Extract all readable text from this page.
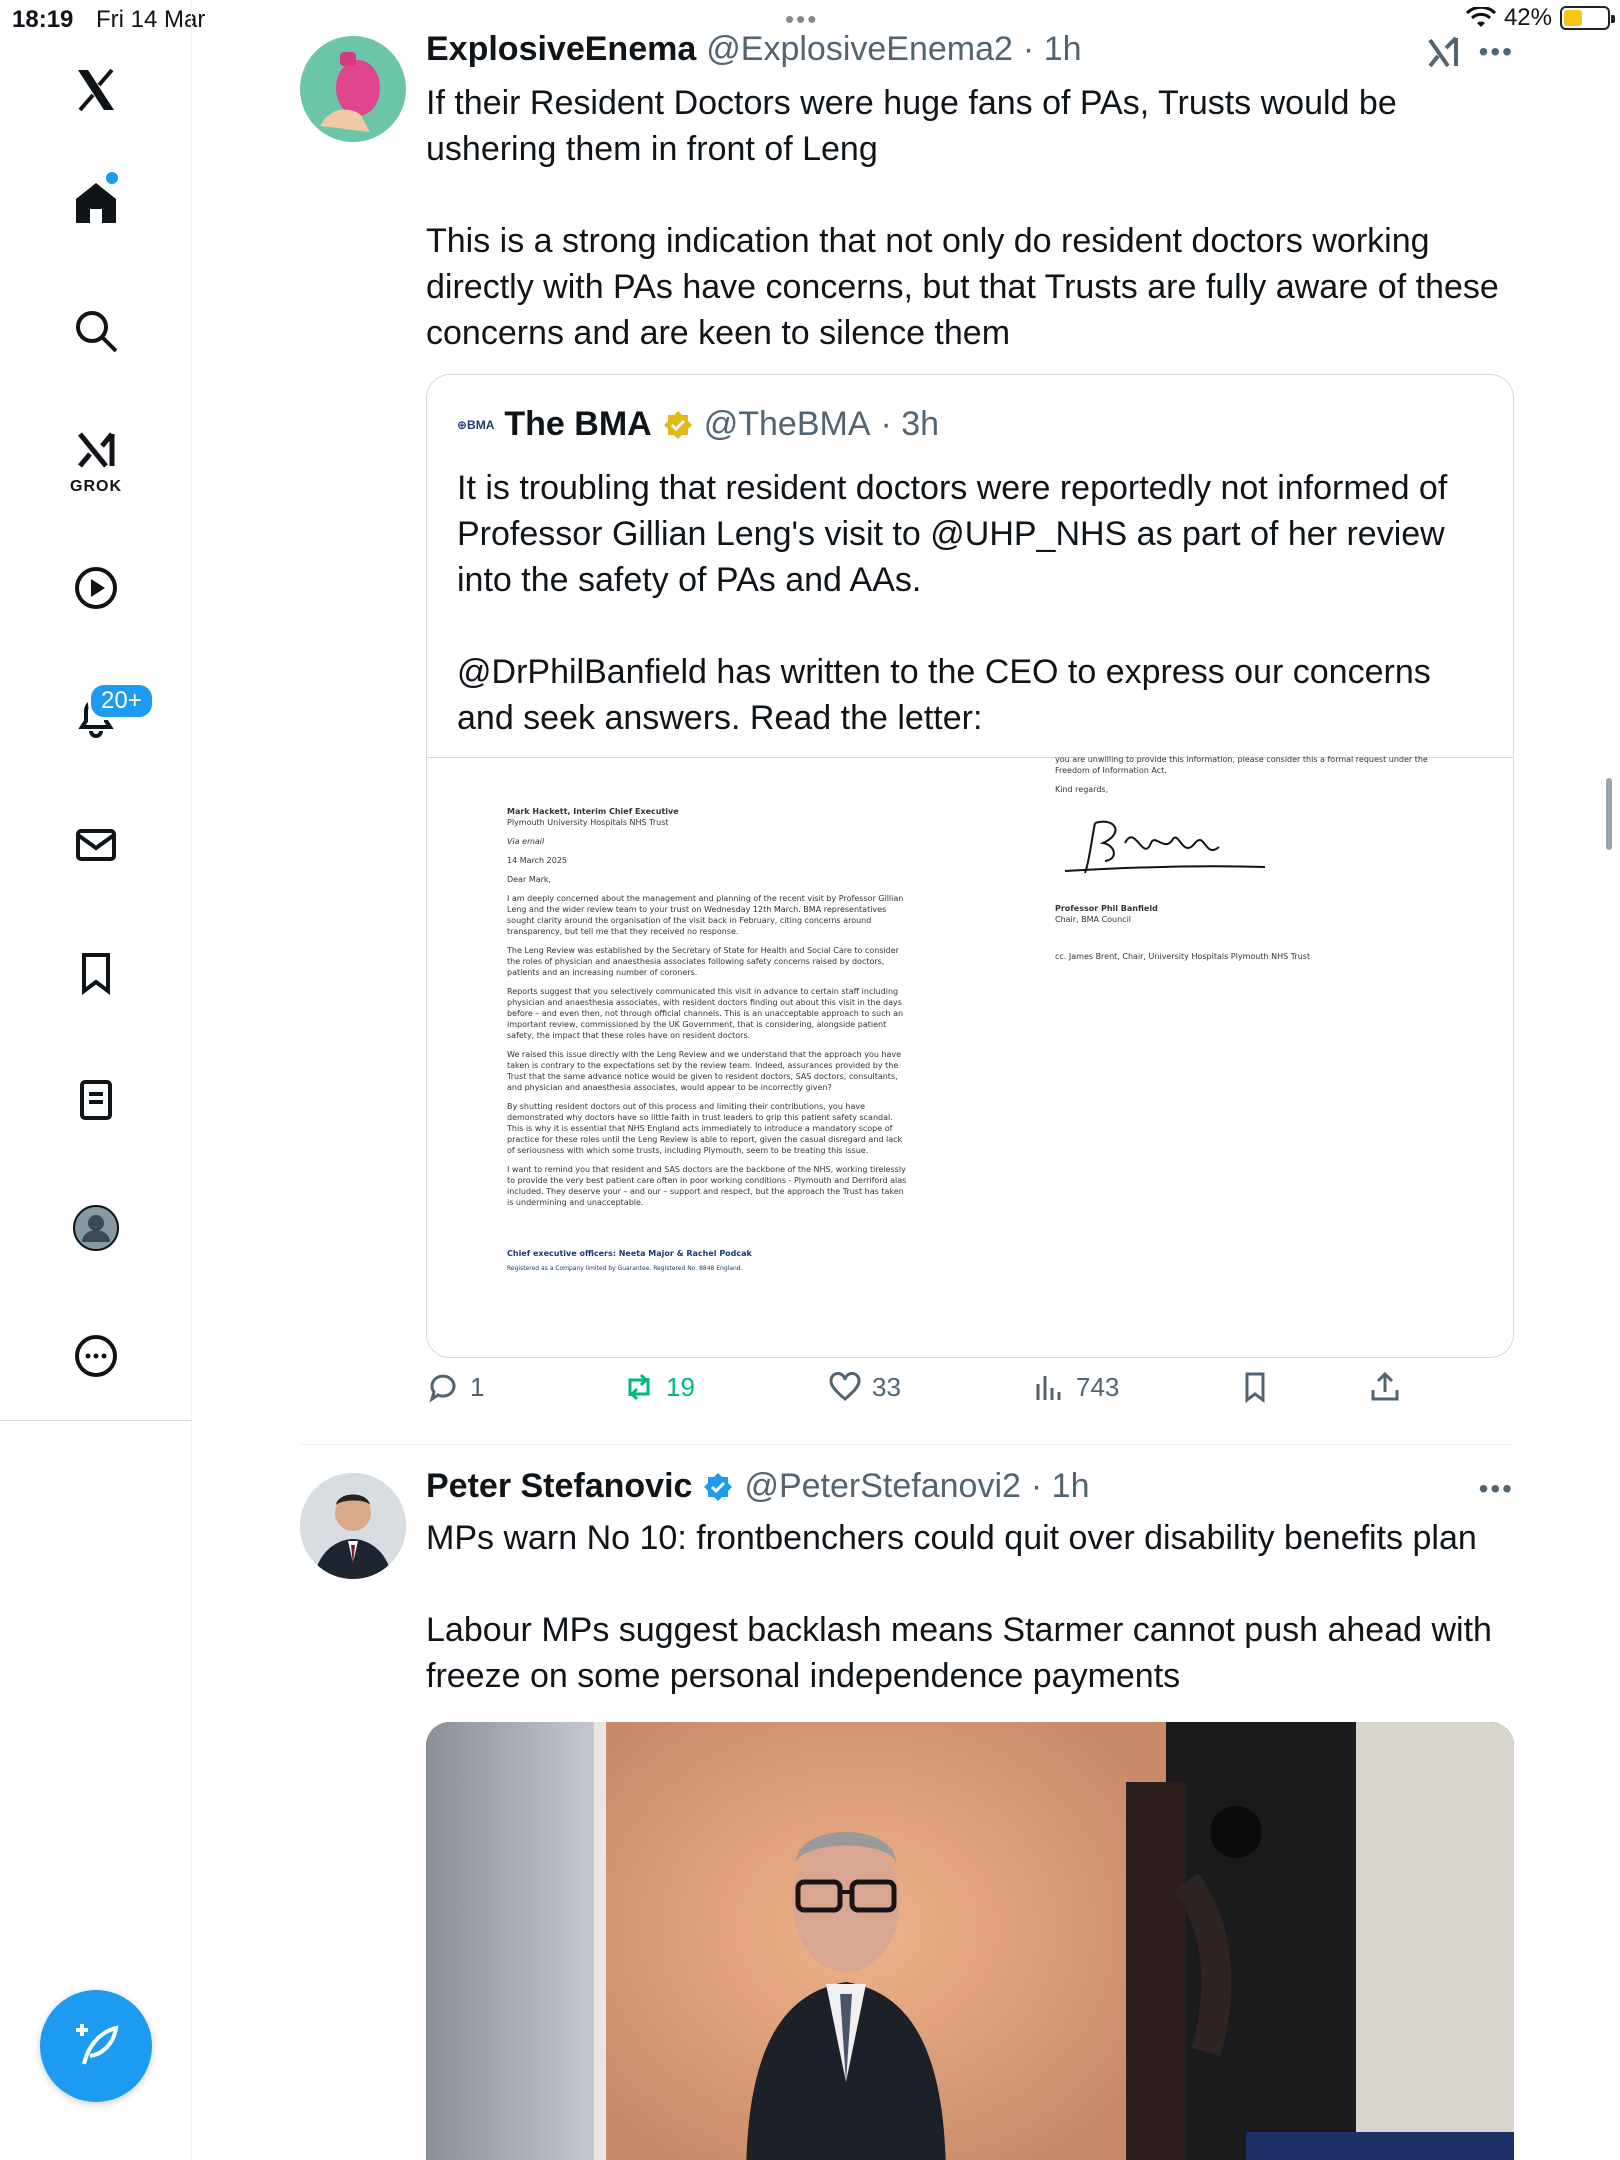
18:19 Fri 14 Mar	•••	42%
GROK
20+
ExplosiveEnema @ExplosiveEnema2 · 1h	•••

If their Resident Doctors were huge fans of PAs, Trusts would be ushering them in front of Leng

This is a strong indication that not only do resident doctors working directly with PAs have concerns, but that Trusts are fully aware of these concerns and are keen to silence them

⊕BMA The BMA @TheBMA · 3h

It is troubling that resident doctors were reportedly not informed of Professor Gillian Leng's visit to @UHP_NHS as part of her review into the safety of PAs and AAs.

@DrPhilBanfield has written to the CEO to express our concerns and seek answers. Read the letter:

Mark Hackett, Interim Chief Executive

Plymouth University Hospitals NHS Trust

Via email

14 March 2025

Dear Mark,

I am deeply concerned about the management and planning of the recent visit by Professor Gillian Leng and the wider review team to your trust on Wednesday 12th March. BMA representatives sought clarity around the organisation of the visit back in February, citing concerns around transparency, but tell me that they received no response.

The Leng Review was established by the Secretary of State for Health and Social Care to consider the roles of physician and anaesthesia associates following safety concerns raised by doctors, patients and an increasing number of coroners.

Reports suggest that you selectively communicated this visit in advance to certain staff including physician and anaesthesia associates, with resident doctors finding out about this visit in the days before – and even then, not through official channels. This is an unacceptable approach to such an important review, commissioned by the UK Government, that is considering, alongside patient safety, the impact that these roles have on resident doctors.

We raised this issue directly with the Leng Review and we understand that the approach you have taken is contrary to the expectations set by the review team. Indeed, assurances provided by the Trust that the same advance notice would be given to resident doctors, SAS doctors, consultants, and physician and anaesthesia associates, would appear to be incorrectly given?

By shutting resident doctors out of this process and limiting their contributions, you have demonstrated why doctors have so little faith in trust leaders to grip this patient safety scandal. This is why it is essential that NHS England acts immediately to introduce a mandatory scope of practice for these roles until the Leng Review is able to report, given the casual disregard and lack of seriousness with which some trusts, including Plymouth, seem to be treating this issue.

I want to remind you that resident and SAS doctors are the backbone of the NHS, working tirelessly to provide the very best patient care often in poor working conditions - Plymouth and Derriford alas included. They deserve your – and our – support and respect, but the approach the Trust has taken is undermining and unacceptable.

Chief executive officers: Neeta Major & Rachel Podcak

Registered as a Company limited by Guarantee. Registered No. 8848 England.

you are unwilling to provide this information, please consider this a formal request under the Freedom of Information Act.

Kind regards,

Professor Phil Banfield

Chair, BMA Council

cc. James Brent, Chair, University Hospitals Plymouth NHS Trust

1	19	33	743
Peter Stefanovic @PeterStefanovi2 · 1h	•••

MPs warn No 10: frontbenchers could quit over disability benefits plan

Labour MPs suggest backlash means Starmer cannot push ahead with freeze on some personal independence payments
